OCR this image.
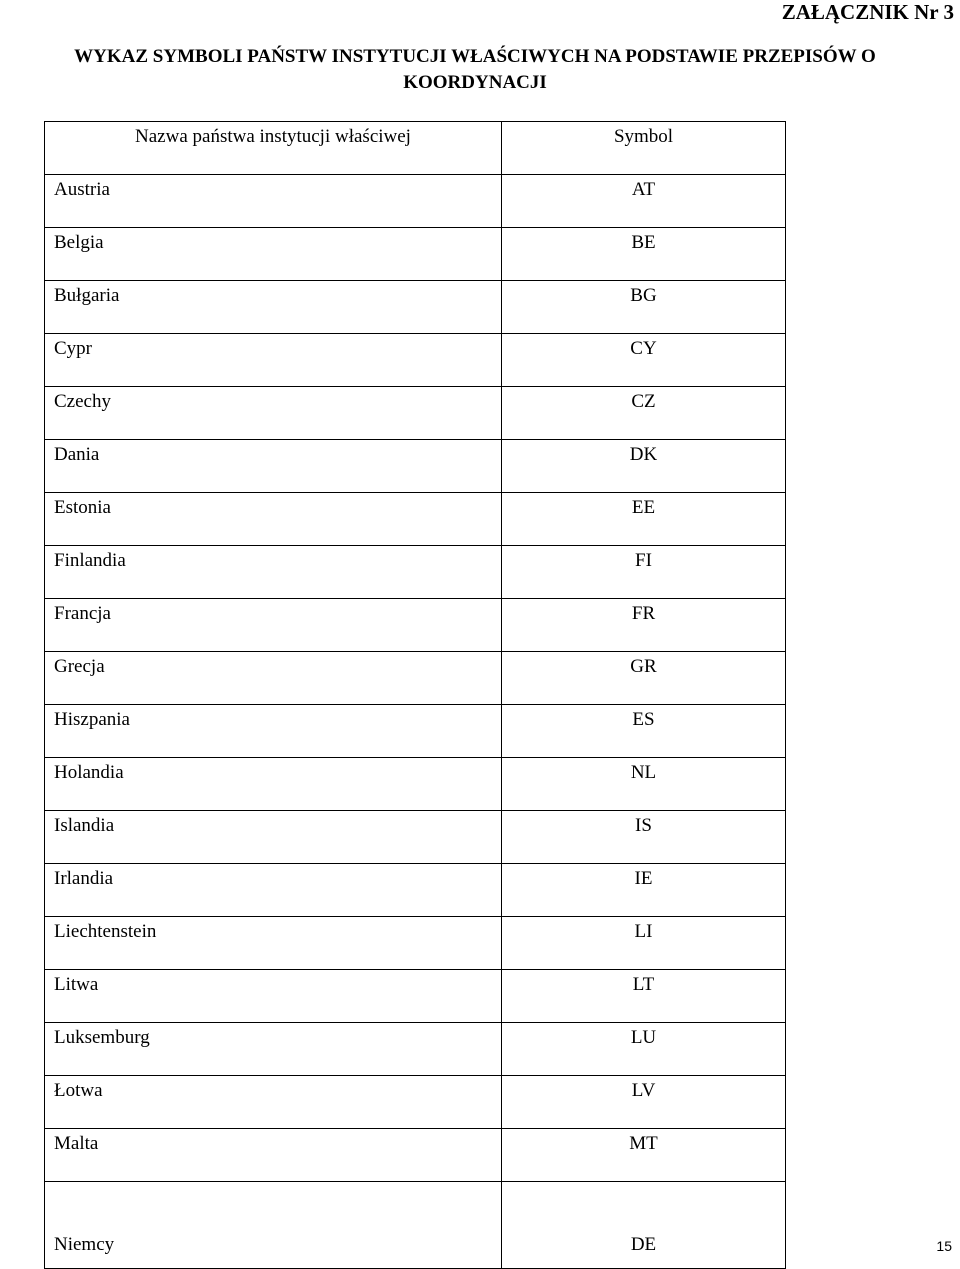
ZAŁĄCZNIK Nr 3
WYKAZ SYMBOLI PAŃSTW INSTYTUCJI WŁAŚCIWYCH NA PODSTAWIE PRZEPISÓW O
KOORDYNACJI
Nazwa państwa instytucji właściwej	Symbol
Austria	AT
Belgia	BE
Bułgaria	BG
Cypr	CY
Czechy	CZ
Dania	DK
Estonia	EE
Finlandia	FI
Francja	FR
Grecja	GR
Hiszpania	ES
Holandia	NL
Islandia	IS
Irlandia	IE
Liechtenstein	LI
Litwa	LT
Luksemburg	LU
Łotwa	LV
Malta	MT
Niemcy	DE	15
